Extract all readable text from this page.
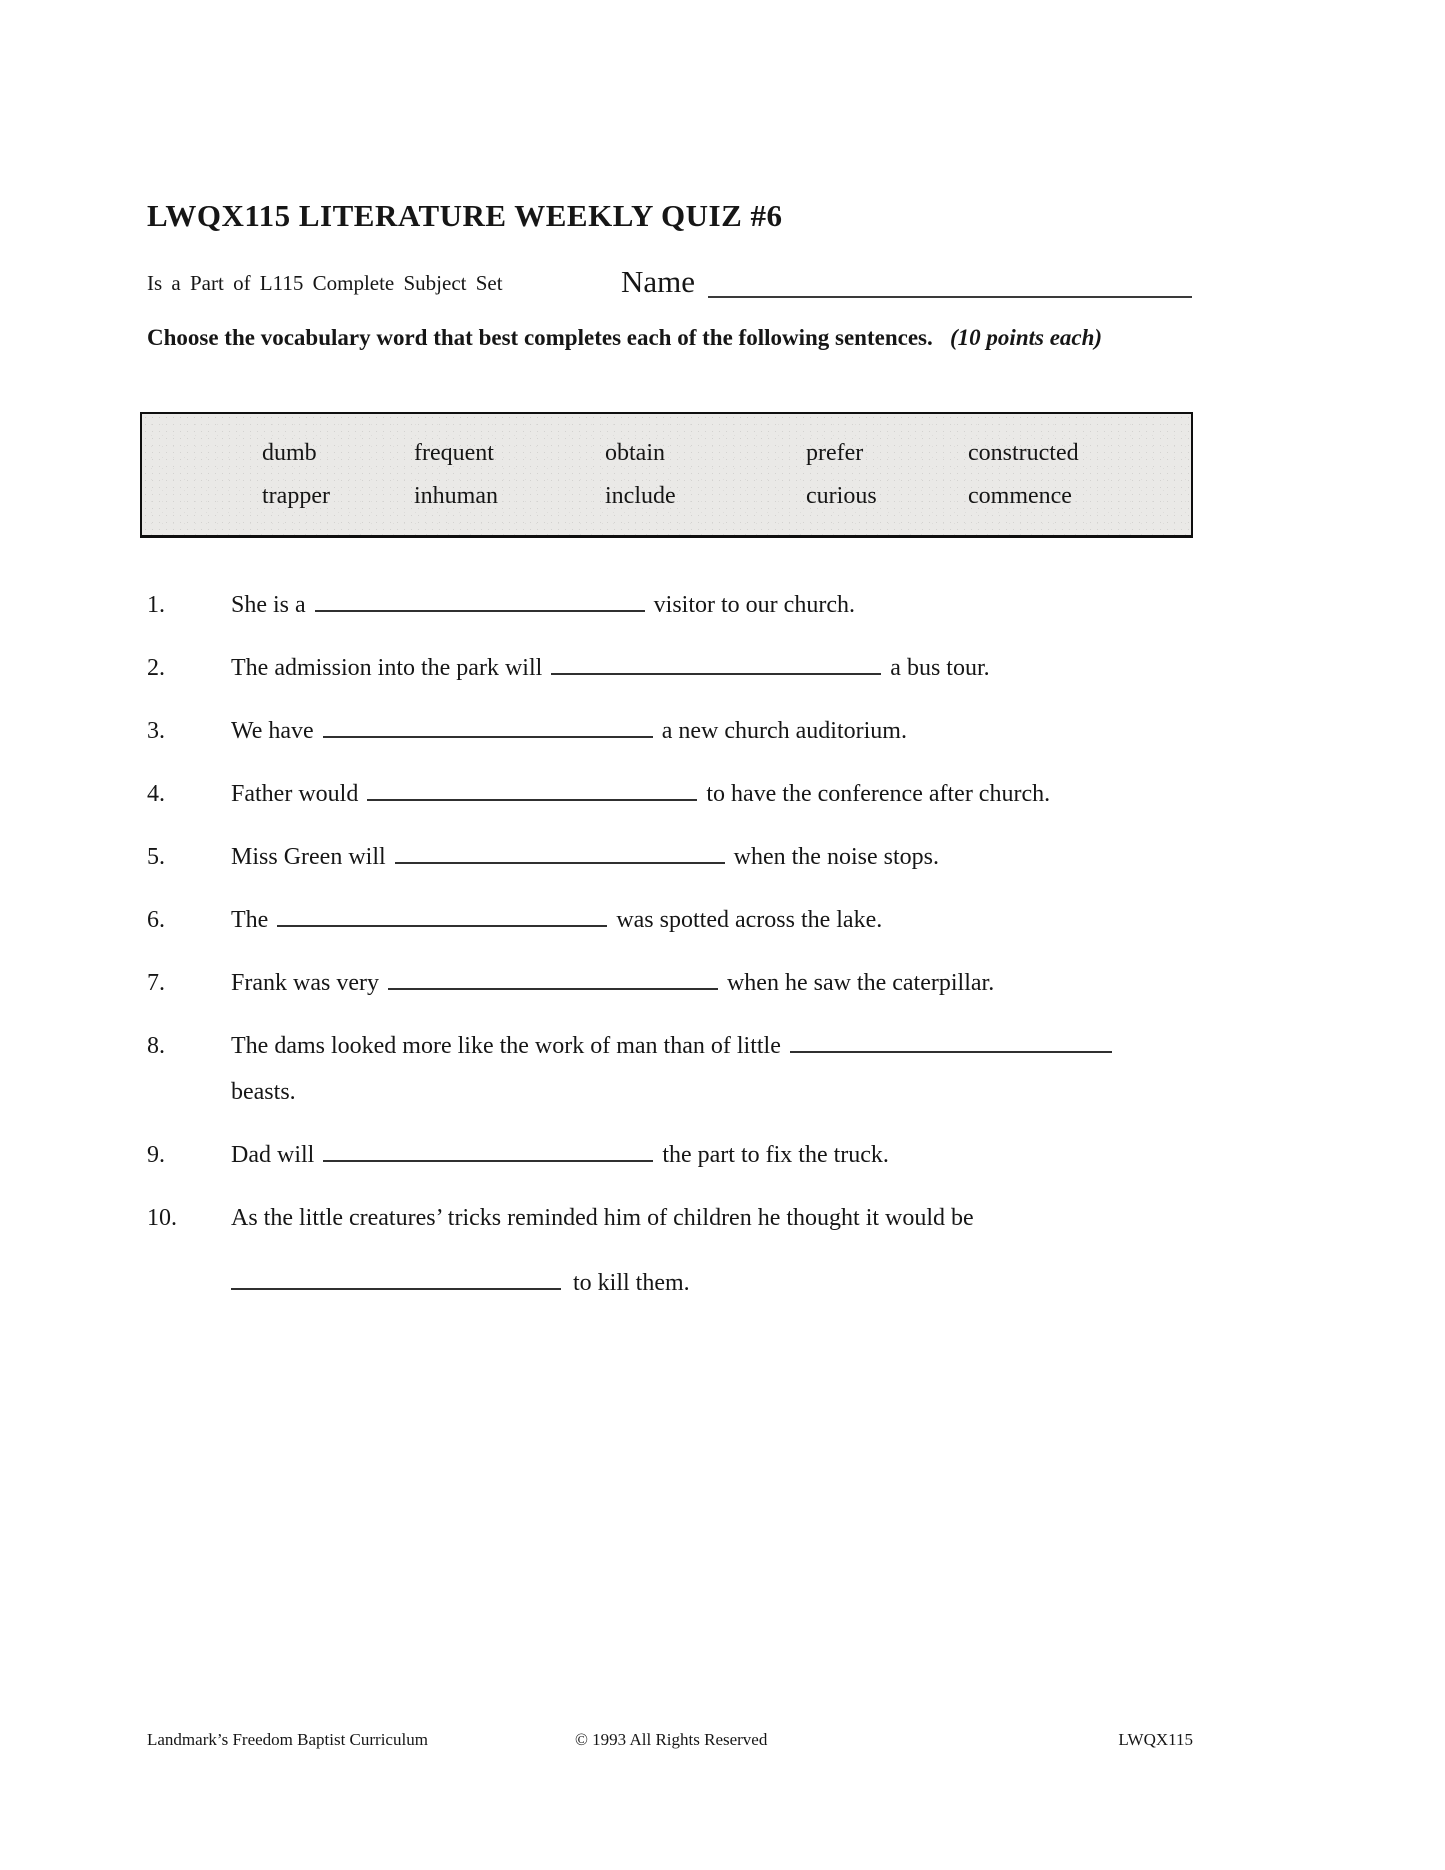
LWQX115 LITERATURE WEEKLY QUIZ #6
Is a Part of L115 Complete Subject Set	Name

Choose the vocabulary word that best completes each of the following sentences. (10 points each)

dumb	frequent	obtain	prefer	constructed
trapper	inhuman	include	curious	commence
1.	She is a	visitor to our church.
2.	The admission into the park will	a bus tour.
3.	We have	a new church auditorium.
4.	Father would	to have the conference after church.
5.	Miss Green will	when the noise stops.
6.	The	was spotted across the lake.
7.	Frank was very	when he saw the caterpillar.
8.	The dams looked more like the work of man than of little
beasts.
9.	Dad will	the part to fix the truck.
10.	As the little creatures’ tricks reminded him of children he thought it would be
to kill them.
Landmark’s Freedom Baptist Curriculum	© 1993 All Rights Reserved	LWQX115
